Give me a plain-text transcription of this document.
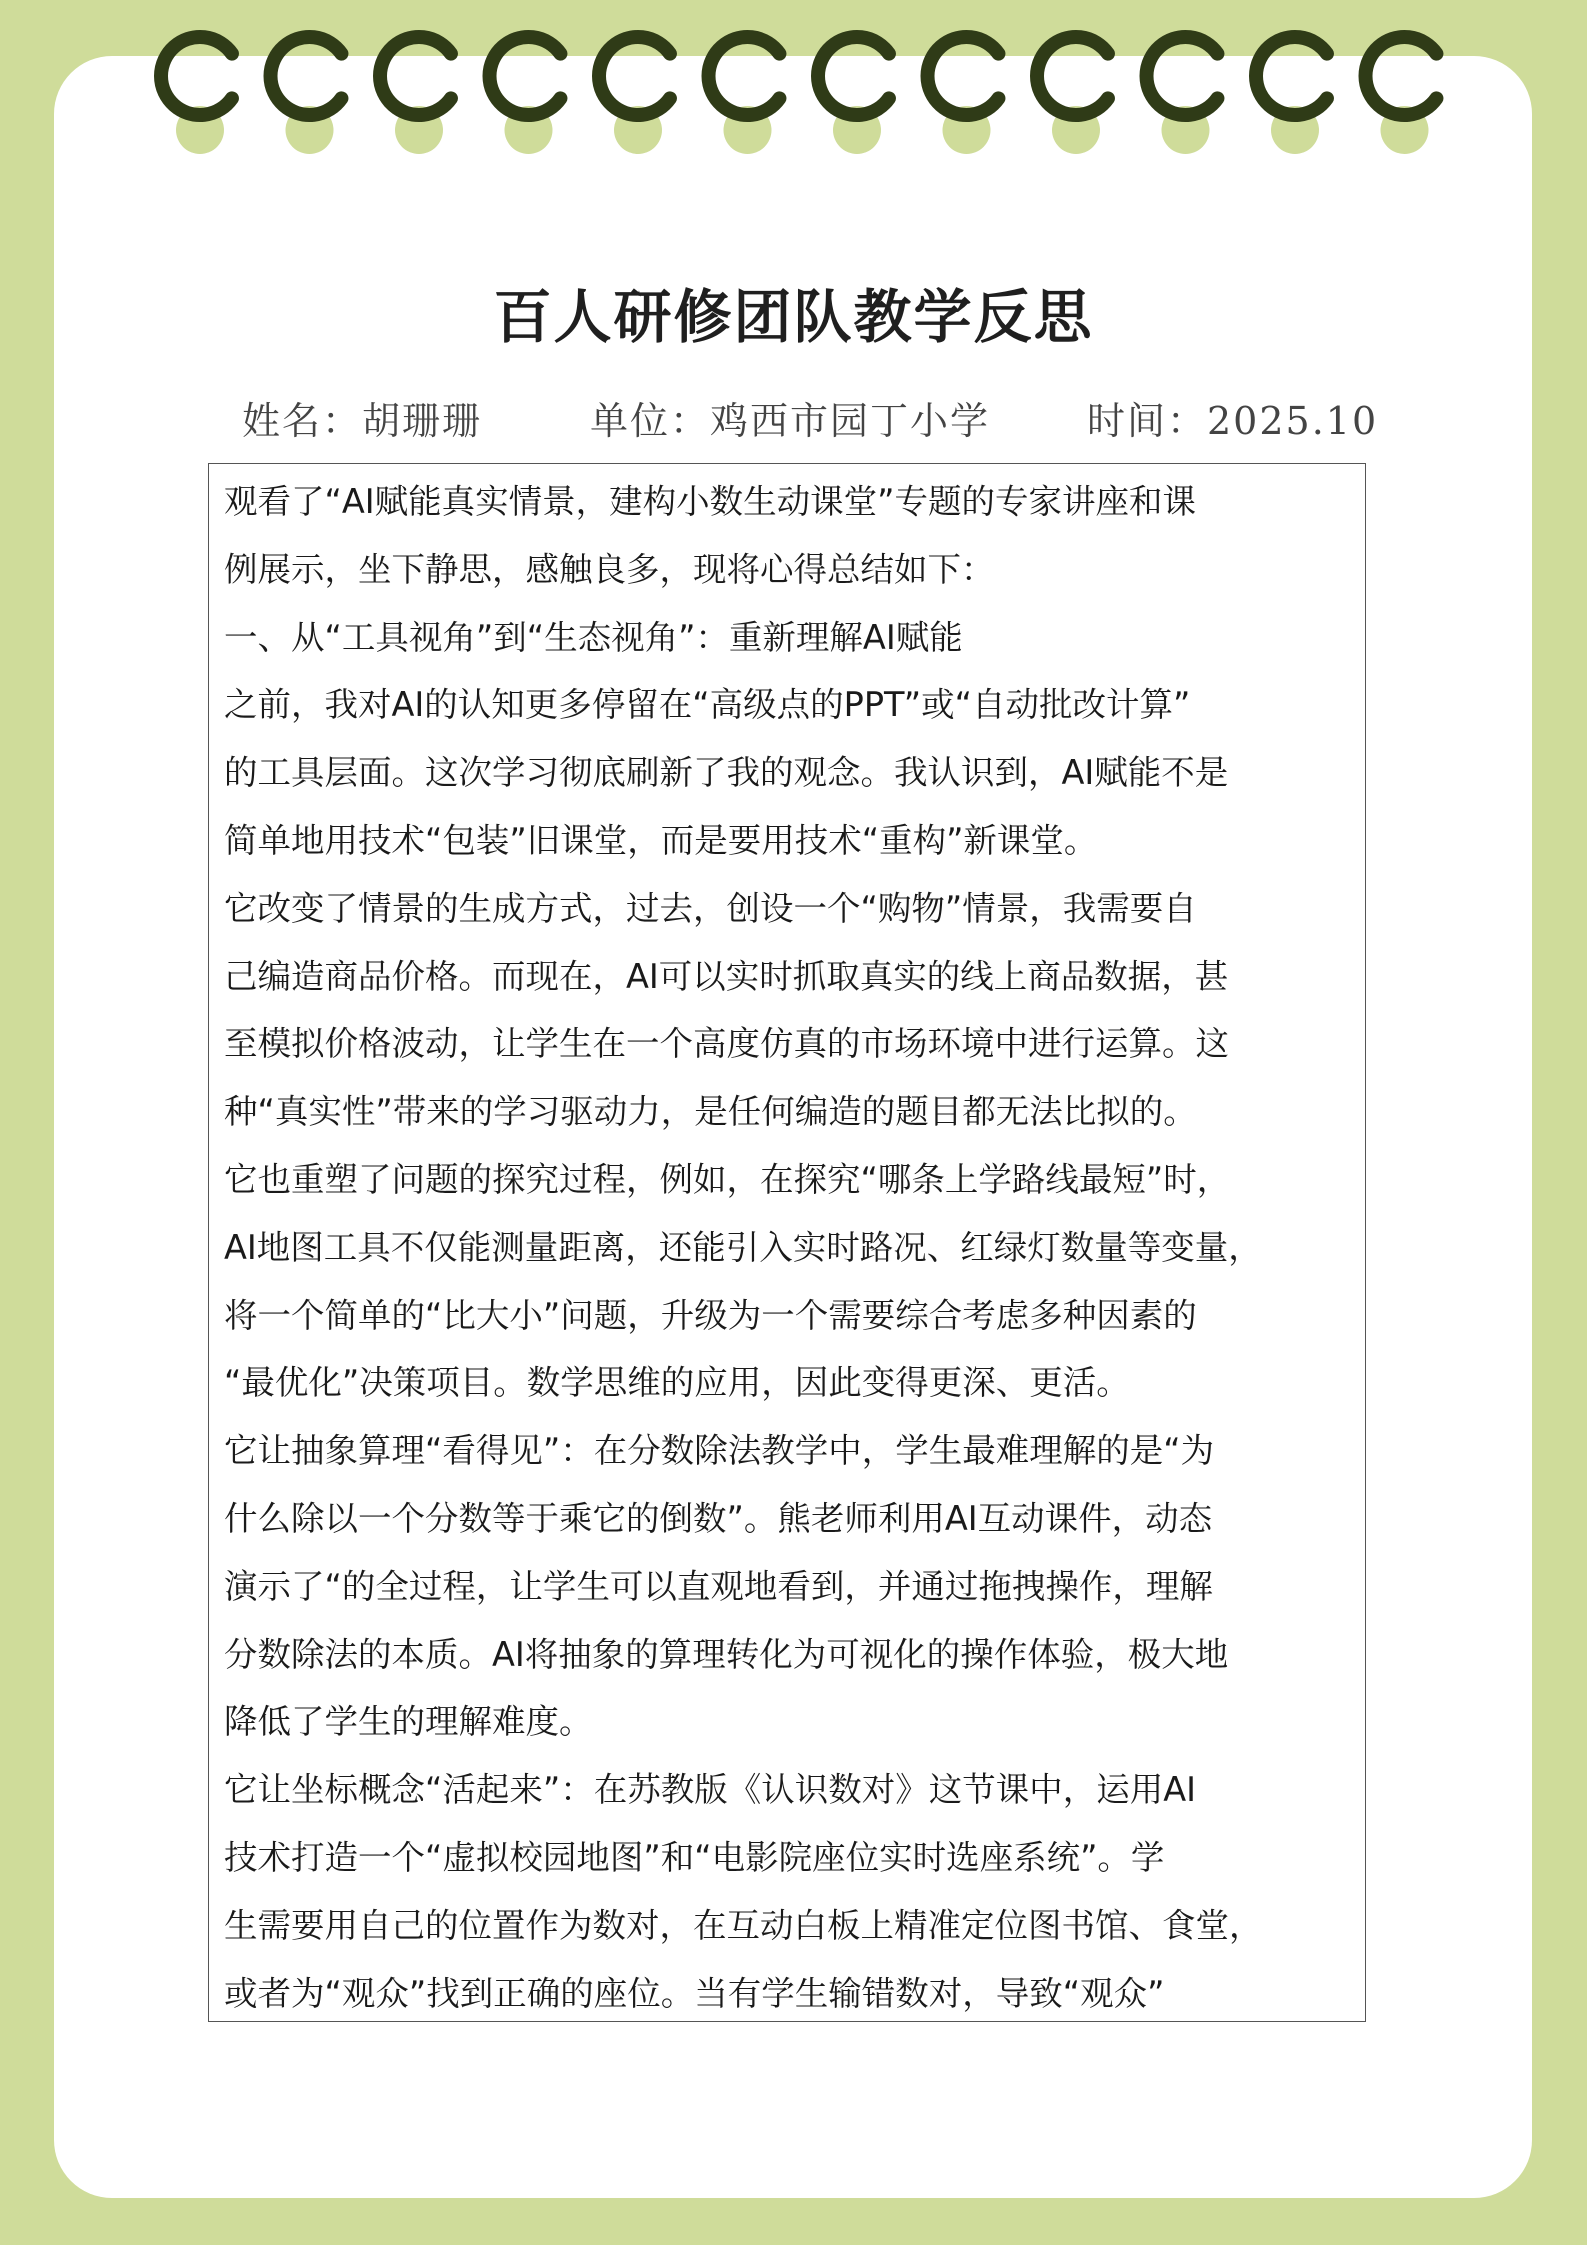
百人研修团队教学反思
姓名：胡珊珊	单位：鸡西市园丁小学	时间：2025.10
观看了“AI赋能真实情景，建构小数生动课堂”专题的专家讲座和课
例展示，坐下静思，感触良多，现将心得总结如下：
一、从“工具视角”到“生态视角”：重新理解AI赋能
之前，我对AI的认知更多停留在“高级点的PPT”或“自动批改计算”
的工具层面。这次学习彻底刷新了我的观念。我认识到，AI赋能不是
简单地用技术“包装”旧课堂，而是要用技术“重构”新课堂。
它改变了情景的生成方式，过去，创设一个“购物”情景，我需要自
己编造商品价格。而现在，AI可以实时抓取真实的线上商品数据，甚
至模拟价格波动，让学生在一个高度仿真的市场环境中进行运算。这
种“真实性”带来的学习驱动力，是任何编造的题目都无法比拟的。
它也重塑了问题的探究过程，例如，在探究“哪条上学路线最短”时，
AI地图工具不仅能测量距离，还能引入实时路况、红绿灯数量等变量，
将一个简单的“比大小”问题，升级为一个需要综合考虑多种因素的
“最优化”决策项目。数学思维的应用，因此变得更深、更活。
它让抽象算理“看得见”：在分数除法教学中，学生最难理解的是“为
什么除以一个分数等于乘它的倒数”。熊老师利用AI互动课件，动态
演示了“的全过程，让学生可以直观地看到，并通过拖拽操作，理解
分数除法的本质。AI将抽象的算理转化为可视化的操作体验，极大地
降低了学生的理解难度。
它让坐标概念“活起来”：在苏教版《认识数对》这节课中，运用AI
技术打造一个“虚拟校园地图”和“电影院座位实时选座系统”。学
生需要用自己的位置作为数对，在互动白板上精准定位图书馆、食堂，
或者为“观众”找到正确的座位。当有学生输错数对，导致“观众”
